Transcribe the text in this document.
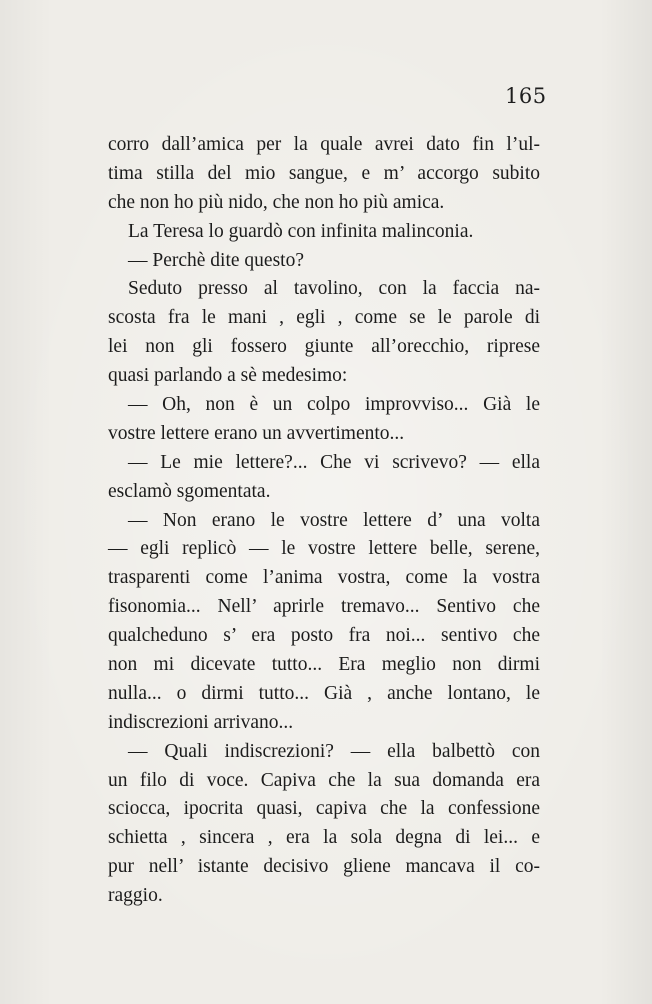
165
corro dall’amica per la quale avrei dato fin l’ul-
tima stilla del mio sangue, e m’ accorgo subito
che non ho più nido, che non ho più amica.
La Teresa lo guardò con infinita malinconia.
— Perchè dite questo?
Seduto presso al tavolino, con la faccia na-
scosta fra le mani , egli , come se le parole di
lei non gli fossero giunte all’orecchio, riprese
quasi parlando a sè medesimo:
— Oh, non è un colpo improvviso... Già le
vostre lettere erano un avvertimento...
— Le mie lettere?... Che vi scrivevo? — ella
esclamò sgomentata.
— Non erano le vostre lettere d’ una volta
— egli replicò — le vostre lettere belle, serene,
trasparenti come l’anima vostra, come la vostra
fisonomia... Nell’ aprirle tremavo... Sentivo che
qualcheduno s’ era posto fra noi... sentivo che
non mi dicevate tutto... Era meglio non dirmi
nulla... o dirmi tutto... Già , anche lontano, le
indiscrezioni arrivano...
— Quali indiscrezioni? — ella balbettò con
un filo di voce. Capiva che la sua domanda era
sciocca, ipocrita quasi, capiva che la confessione
schietta , sincera , era la sola degna di lei... e
pur nell’ istante decisivo gliene mancava il co-
raggio.
